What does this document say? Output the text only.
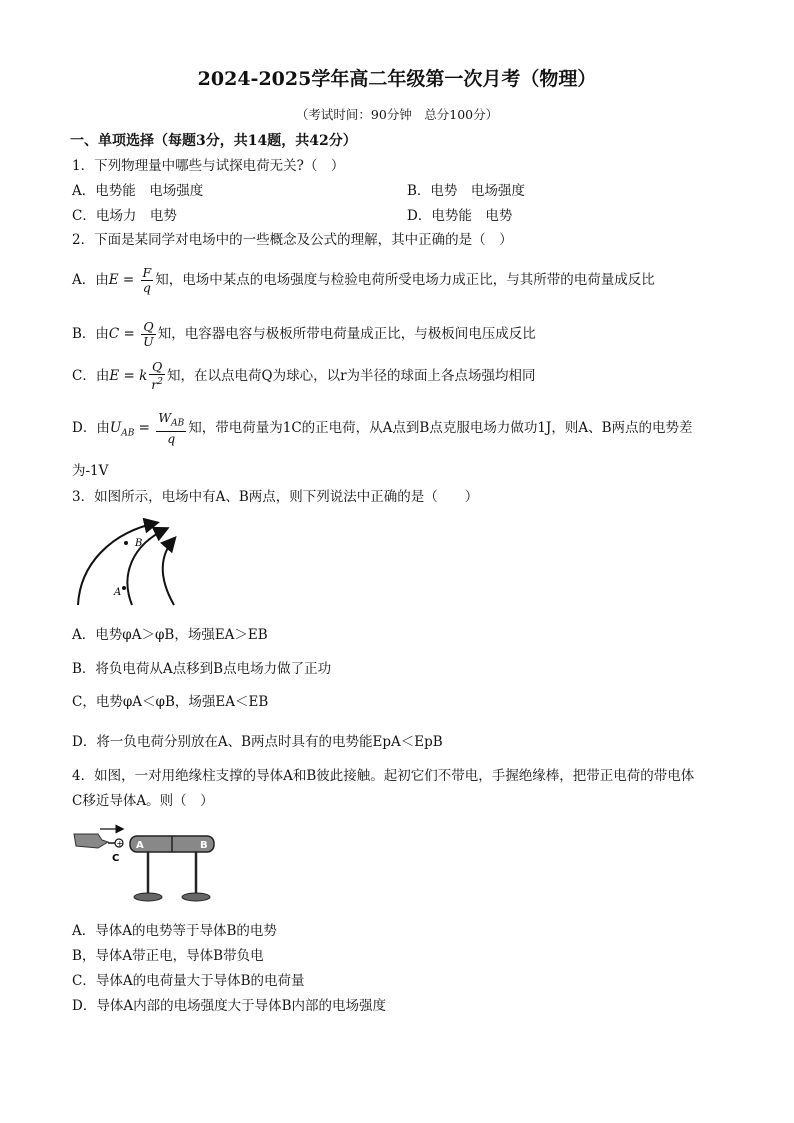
2024-2025学年高二年级第一次月考（物理）
（考试时间：90分钟　总分100分）
一、单项选择（每题3分，共14题，共42分）
1．下列物理量中哪些与试探电荷无关?（　）
A．电势能　电场强度	B．电势　电场强度
C．电场力　电势	D．电势能　电势
2．下面是某同学对电场中的一些概念及公式的理解，其中正确的是（　）
A．由$E = \frac{F}{q}$ 知，电场中某点的电场强度与检验电荷所受电场力成正比，与其所带的电荷量成反比
B．由$C = \frac{Q}{U}$ 知，电容器电容与极板所带电荷量成正比，与极板间电压成反比
C．由E = k $\frac{Q}{r^2}$ 知，在以点电荷Q为球心，以r为半径的球面上各点场强均相同
D．由$U_{AB} = \frac{W_{AB}}{q}$ 知，带电荷量为1C的正电荷，从A点到B点克服电场力做功1J，则A、B两点的电势差
为-1V
3．如图所示，电场中有A、B两点，则下列说法中正确的是（　　）
A
B
A．电势φA＞φB，场强EA＞EB
B．将负电荷从A点移到B点电场力做了正功
C，电势φA＜φB，场强EA＜EB
D．将一负电荷分别放在A、B两点时具有的电势能EpA＜EpB
4．如图，一对用绝缘柱支撑的导体A和B彼此接触。起初它们不带电，手握绝缘棒，把带正电荷的带电体
C移近导体A。则（　）
+ A	B
C
A．导体A的电势等于导体B的电势
B，导体A带正电，导体B带负电
C．导体A的电荷量大于导体B的电荷量
D．导体A内部的电场强度大于导体B内部的电场强度
